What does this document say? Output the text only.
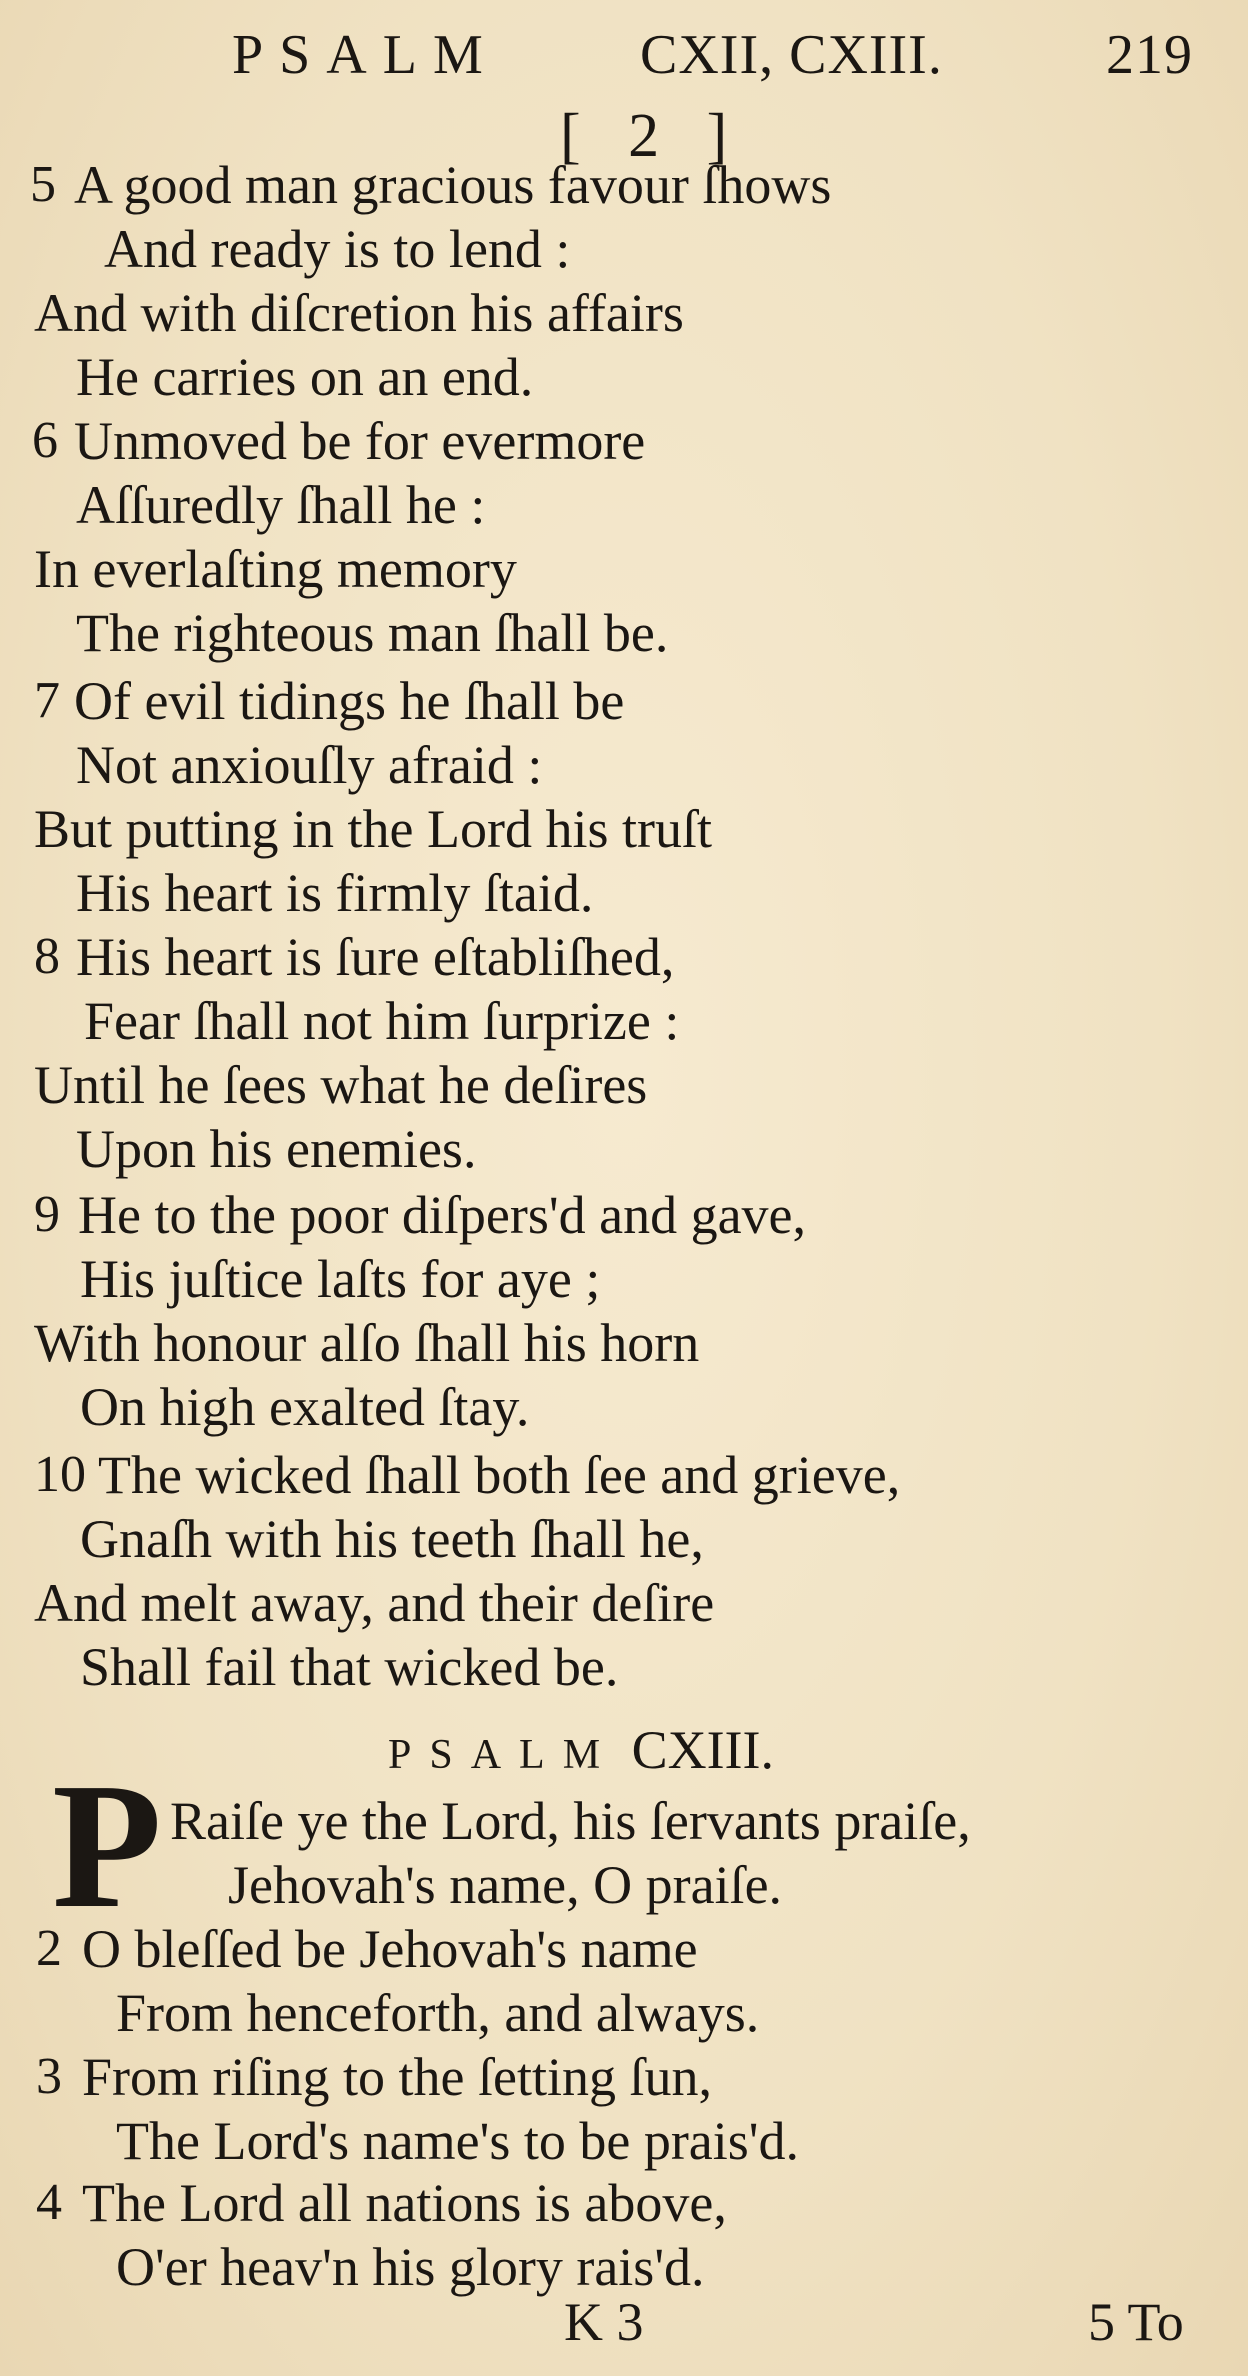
PSALM	CXII, CXIII.	219
[ 2 ]
5 A good man gracious favour ſhows
And ready is to lend :
And with diſcretion his affairs
He carries on an end.
6 Unmoved be for evermore
Aſſuredly ſhall he :
In everlaſting memory
The righteous man ſhall be.
7 Of evil tidings he ſhall be
Not anxiouſly afraid :
But putting in the Lord his truſt
His heart is firmly ſtaid.
8 His heart is ſure eſtabliſhed,
Fear ſhall not him ſurprize :
Until he ſees what he deſires
Upon his enemies.
9 He to the poor diſpers'd and gave,
His juſtice laſts for aye ;
With honour alſo ſhall his horn
On high exalted ſtay.
10 The wicked ſhall both ſee and grieve,
Gnaſh with his teeth ſhall he,
And melt away, and their deſire
Shall fail that wicked be.
PSALM CXIII.
P Raiſe ye the Lord, his ſervants praiſe,
Jehovah's name, O praiſe.
2 O bleſſed be Jehovah's name
From henceforth, and always.
3 From riſing to the ſetting ſun,
The Lord's name's to be prais'd.
4 The Lord all nations is above,
O'er heav'n his glory rais'd.
K 3	5 To
